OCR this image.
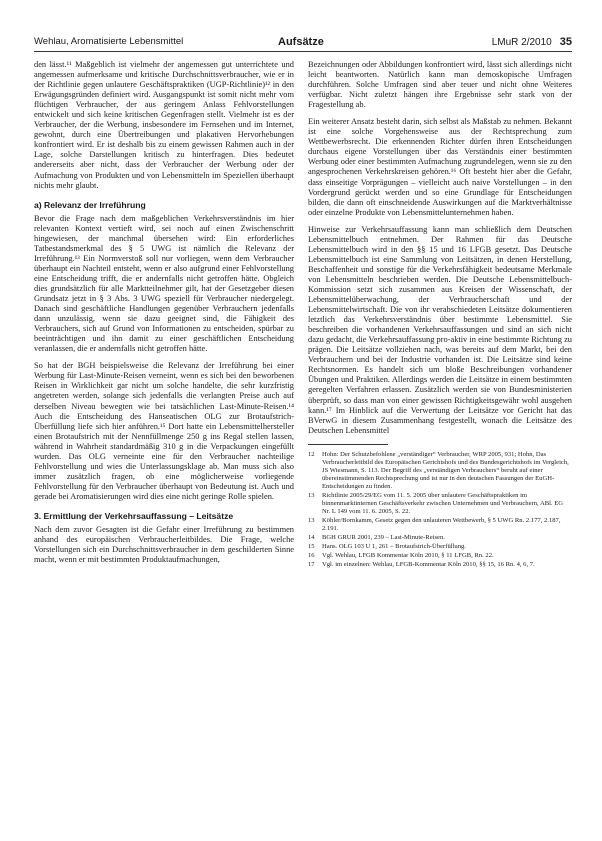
Wehlau, Aromatisierte Lebensmittel	Aufsätze	LMuR 2/2010 35

den lässt.¹¹ Maßgeblich ist vielmehr der angemessen gut unterrichtete und angemessen aufmerksame und kritische Durchschnittsverbraucher, wie er in der Richtlinie gegen unlautere Geschäftspraktiken (UGP-Richtlinie)¹² in den Erwägungsgründen definiert wird. Ausgangspunkt ist somit nicht mehr vom flüchtigen Verbraucher, der aus geringem Anlass Fehlvorstellungen entwickelt und sich keine kritischen Gegenfragen stellt. Vielmehr ist es der Verbraucher, der die Werbung, insbesondere im Fernsehen und im Internet, gewohnt, durch eine Übertreibungen und plakativen Hervorhebungen konfrontiert wird. Er ist deshalb bis zu einem gewissen Rahmen auch in der Lage, solche Darstellungen kritisch zu hinterfragen. Dies bedeutet andererseits aber nicht, dass der Verbraucher der Werbung oder der Aufmachung von Produkten und von Lebensmitteln im Speziellen überhaupt nichts mehr glaubt.

a) Relevanz der Irreführung

Bevor die Frage nach dem maßgeblichen Verkehrsverständnis im hier relevanten Kontext vertieft wird, sei noch auf einen Zwischenschritt hingewiesen, der manchmal übersehen wird: Ein erforderliches Tatbestandsmerkmal des § 5 UWG ist nämlich die Relevanz der Irreführung.¹³ Ein Normverstoß soll nur vorliegen, wenn dem Verbraucher überhaupt ein Nachteil entsteht, wenn er also aufgrund einer Fehlvorstellung eine Entscheidung trifft, die er andernfalls nicht getroffen hätte. Obgleich dies grundsätzlich für alle Marktteilnehmer gilt, hat der Gesetzgeber diesen Grundsatz jetzt in § 3 Abs. 3 UWG speziell für Verbraucher niedergelegt. Danach sind geschäftliche Handlungen gegenüber Verbrauchern jedenfalls dann unzulässig, wenn sie dazu geeignet sind, die Fähigkeit des Verbrauchers, sich auf Grund von Informationen zu entscheiden, spürbar zu beeinträchtigen und ihn damit zu einer geschäftlichen Entscheidung veranlassen, die er andernfalls nicht getroffen hätte.

So hat der BGH beispielsweise die Relevanz der Irreführung bei einer Werbung für Last-Minute-Reisen verneint, wenn es sich bei den beworbenen Reisen in Wirklichkeit gar nicht um solche handelte, die sehr kurzfristig angetreten werden, solange sich jedenfalls die verlangten Preise auch auf derselben Niveau bewegten wie bei tatsächlichen Last-Minute-Reisen.¹⁴ Auch die Entscheidung des Hanseatischen OLG zur Brotaufstrich-Überfüllung liefe sich hier anführen.¹⁵ Dort hatte ein Lebensmittelhersteller einen Brotaufstrich mit der Nennfüllmenge 250 g ins Regal stellen lassen, während in Wahrheit standardmäßig 310 g in die Verpackungen eingefüllt wurden. Das OLG verneinte eine für den Verbraucher nachteilige Fehlvorstellung und wies die Unterlassungsklage ab. Man muss sich also immer zusätzlich fragen, ob eine möglicherweise vorliegende Fehlvorstellung für den Verbraucher überhaupt von Bedeutung ist. Auch und gerade bei Aromatisierungen wird dies eine nicht geringe Rolle spielen.

3. Ermittlung der Verkehrsauffassung – Leitsätze

Nach dem zuvor Gesagten ist die Gefahr einer Irreführung zu bestimmen anhand des europäischen Verbraucherleitbildes. Die Frage, welche Vorstellungen sich ein Durchschnittsverbraucher in dem geschilderten Sinne macht, wenn er mit bestimmten Produktaufmachungen,

Bezeichnungen oder Abbildungen konfrontiert wird, lässt sich allerdings nicht leicht beantworten. Natürlich kann man demoskopische Umfragen durchführen. Solche Umfragen sind aber teuer und nicht ohne Weiteres verfügbar. Nicht zuletzt hängen ihre Ergebnisse sehr stark von der Fragestellung ab.

Ein weiterer Ansatz besteht darin, sich selbst als Maßstab zu nehmen. Bekannt ist eine solche Vorgehensweise aus der Rechtsprechung zum Wettbewerbsrecht. Die erkennenden Richter dürfen ihren Entscheidungen durchaus eigene Vorstellungen über das Verständnis einer bestimmten Werbung oder einer bestimmten Aufmachung zugrundelegen, wenn sie zu den angesprochenen Verkehrskreisen gehören.¹⁶ Oft besteht hier aber die Gefahr, dass einseitige Vorprägungen – vielleicht auch naive Vorstellungen – in den Vordergrund gerückt werden und so eine Grundlage für Entscheidungen bilden, die dann oft einschneidende Auswirkungen auf die Marktverhältnisse oder einzelne Produkte von Lebensmittelunternehmen haben.

Hinweise zur Verkehrsauffassung kann man schließlich dem Deutschen Lebensmittelbuch entnehmen. Der Rahmen für das Deutsche Lebensmittelbuch wird in den §§ 15 und 16 LFGB gesetzt. Das Deutsche Lebensmittelbuch ist eine Sammlung von Leitsätzen, in denen Herstellung, Beschaffenheit und sonstige für die Verkehrsfähigkeit bedeutsame Merkmale von Lebensmitteln beschrieben werden. Die Deutsche Lebensmittelbuch-Kommission setzt sich zusammen aus Kreisen der Wissenschaft, der Lebensmittelüberwachung, der Verbraucherschaft und der Lebensmittelwirtschaft. Die von ihr verabschiedeten Leitsätze dokumentieren letztlich das Verkehrsverständnis über bestimmte Lebensmittel. Sie beschreiben die vorhandenen Verkehrsauffassungen und sind an sich nicht dazu gedacht, die Verkehrsauffassung pro-aktiv in eine bestimmte Richtung zu prägen. Die Leitsätze vollziehen nach, was bereits auf dem Markt, bei den Verbrauchern und bei der Industrie vorhanden ist. Die Leitsätze sind keine Rechtsnormen. Es handelt sich um bloße Beschreibungen vorhandener Übungen und Praktiken. Allerdings werden die Leitsätze in einem bestimmten geregelten Verfahren erlassen. Zusätzlich werden sie von Bundesministerien überprüft, so dass man von einer gewissen Richtigkeitsgewähr wohl ausgehen kann.¹⁷ Im Hinblick auf die Verwertung der Leitsätze vor Gericht hat das BVerwG in diesem Zusammenhang festgestellt, wonach die Leitsätze des Deutschen Lebensmittel

12	Hohn: Der Schutzbefohlene „verständiger“ Verbraucher, WRP 2005, 931; Hohn, Das Verbraucherleitbild des Europäischen Gerichtshofs und des Bundesgerichtshofs im Vergleich, JS Wiesmann, S. 113. Der Begriff des „verständigen Verbrauchers“ beruht auf einer übereinstimmenden Rechtsprechung und ist nur in den deutschen Fassungen der EuGH-Entscheidungen zu finden.
13	Richtlinie 2005/29/EG vom 11. 5. 2005 über unlautere Geschäftspraktiken im binnenmarktinternen Geschäftsverkehr zwischen Unternehmen und Verbrauchern, ABl. EG Nr. L 149 vom 11. 6. 2005, S. 22.
13	Köhler/Bornkamm, Gesetz gegen den unlauteren Wettbewerb, § 5 UWG Rn. 2.177, 2.187, 2.191.
14	BGH GRUR 2001, 239 – Last-Minute-Reisen.
15	Hans. OLG 103 U 1, 261 – Brotaufstrich-Überfüllung.
16	Vgl. Wehlau, LFGB Kommentar Köln 2010, § 11 LFGB, Rn. 22.
17	Vgl. im einzelnen: Wehlau, LFGB-Kommentar Köln 2010, §§ 15, 16 Rn. 4, 6, 7.
